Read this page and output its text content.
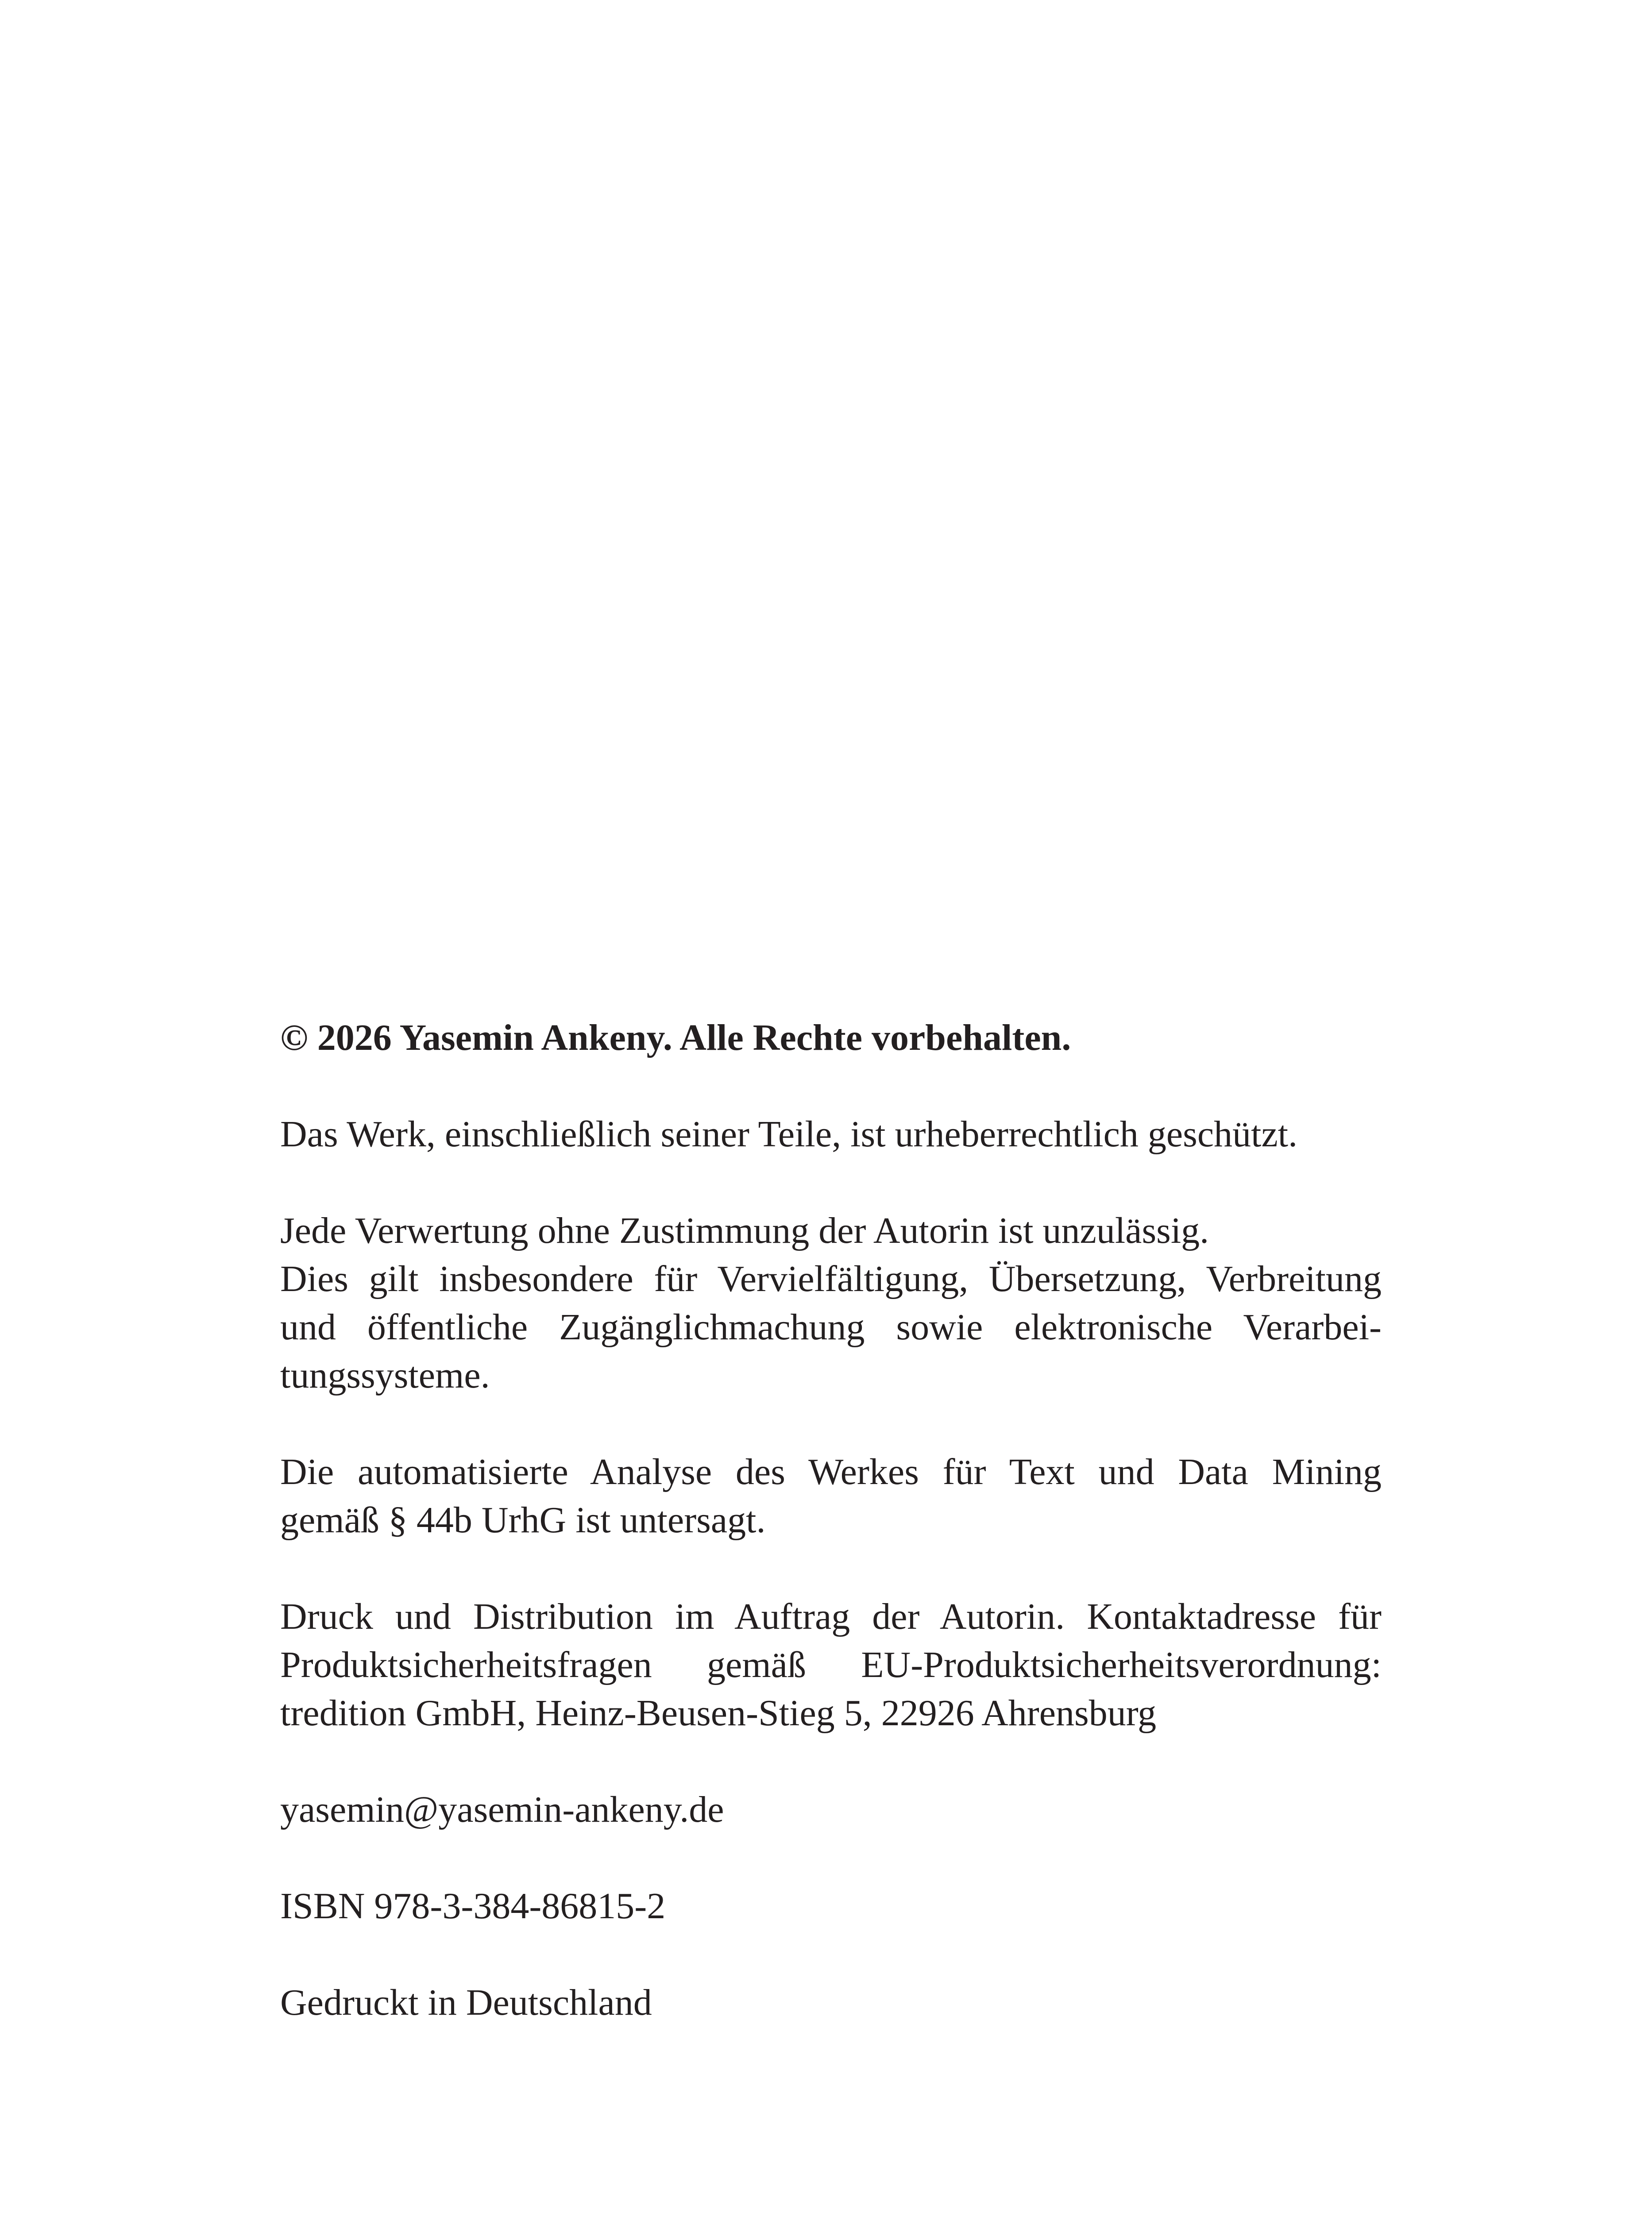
© 2026 Yasemin Ankeny. Alle Rechte vorbehalten.

Das Werk, einschließlich seiner Teile, ist urheberrechtlich geschützt.

Jede Verwertung ohne Zustimmung der Autorin ist unzulässig.
Dies gilt insbesondere für Vervielfältigung, Übersetzung, Verbreitung
und öffentliche Zugänglichmachung sowie elektronische Verarbei-
tungssysteme.
Die automatisierte Analyse des Werkes für Text und Data Mining
gemäß § 44b UrhG ist untersagt.
Druck und Distribution im Auftrag der Autorin. Kontaktadresse für
Produktsicherheitsfragen gemäß EU-Produktsicherheitsverordnung:
tredition GmbH, Heinz-Beusen-Stieg 5, 22926 Ahrensburg

yasemin@yasemin-ankeny.de

ISBN 978-3-384-86815-2

Gedruckt in Deutschland
